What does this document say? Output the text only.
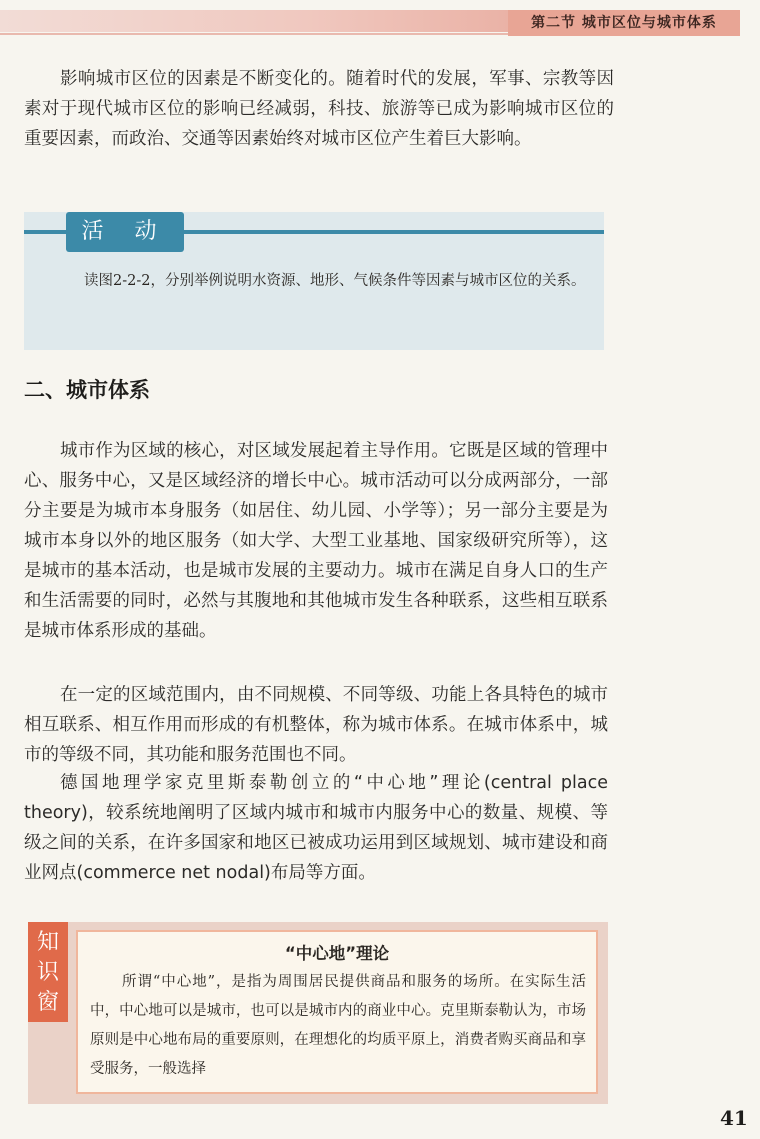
第二节 城市区位与城市体系

影响城市区位的因素是不断变化的。随着时代的发展，军事、宗教等因素对于现代城市区位的影响已经减弱，科技、旅游等已成为影响城市区位的重要因素，而政治、交通等因素始终对城市区位产生着巨大影响。

活 动
读图2-2-2，分别举例说明水资源、地形、气候条件等因素与城市区位的关系。
二、城市体系

城市作为区域的核心，对区域发展起着主导作用。它既是区域的管理中心、服务中心，又是区域经济的增长中心。城市活动可以分成两部分，一部分主要是为城市本身服务（如居住、幼儿园、小学等）；另一部分主要是为城市本身以外的地区服务（如大学、大型工业基地、国家级研究所等），这是城市的基本活动，也是城市发展的主要动力。城市在满足自身人口的生产和生活需要的同时，必然与其腹地和其他城市发生各种联系，这些相互联系是城市体系形成的基础。

在一定的区域范围内，由不同规模、不同等级、功能上各具特色的城市相互联系、相互作用而形成的有机整体，称为城市体系。在城市体系中，城市的等级不同，其功能和服务范围也不同。

德国地理学家克里斯泰勒创立的“中心地”理论(central place theory)，较系统地阐明了区域内城市和城市内服务中心的数量、规模、等级之间的关系，在许多国家和地区已被成功运用到区域规划、城市建设和商业网点(commerce net nodal)布局等方面。

知
识
窗

“中心地”理论

所谓“中心地”，是指为周围居民提供商品和服务的场所。在实际生活中，中心地可以是城市，也可以是城市内的商业中心。克里斯泰勒认为，市场原则是中心地布局的重要原则，在理想化的均质平原上，消费者购买商品和享受服务，一般选择

41
